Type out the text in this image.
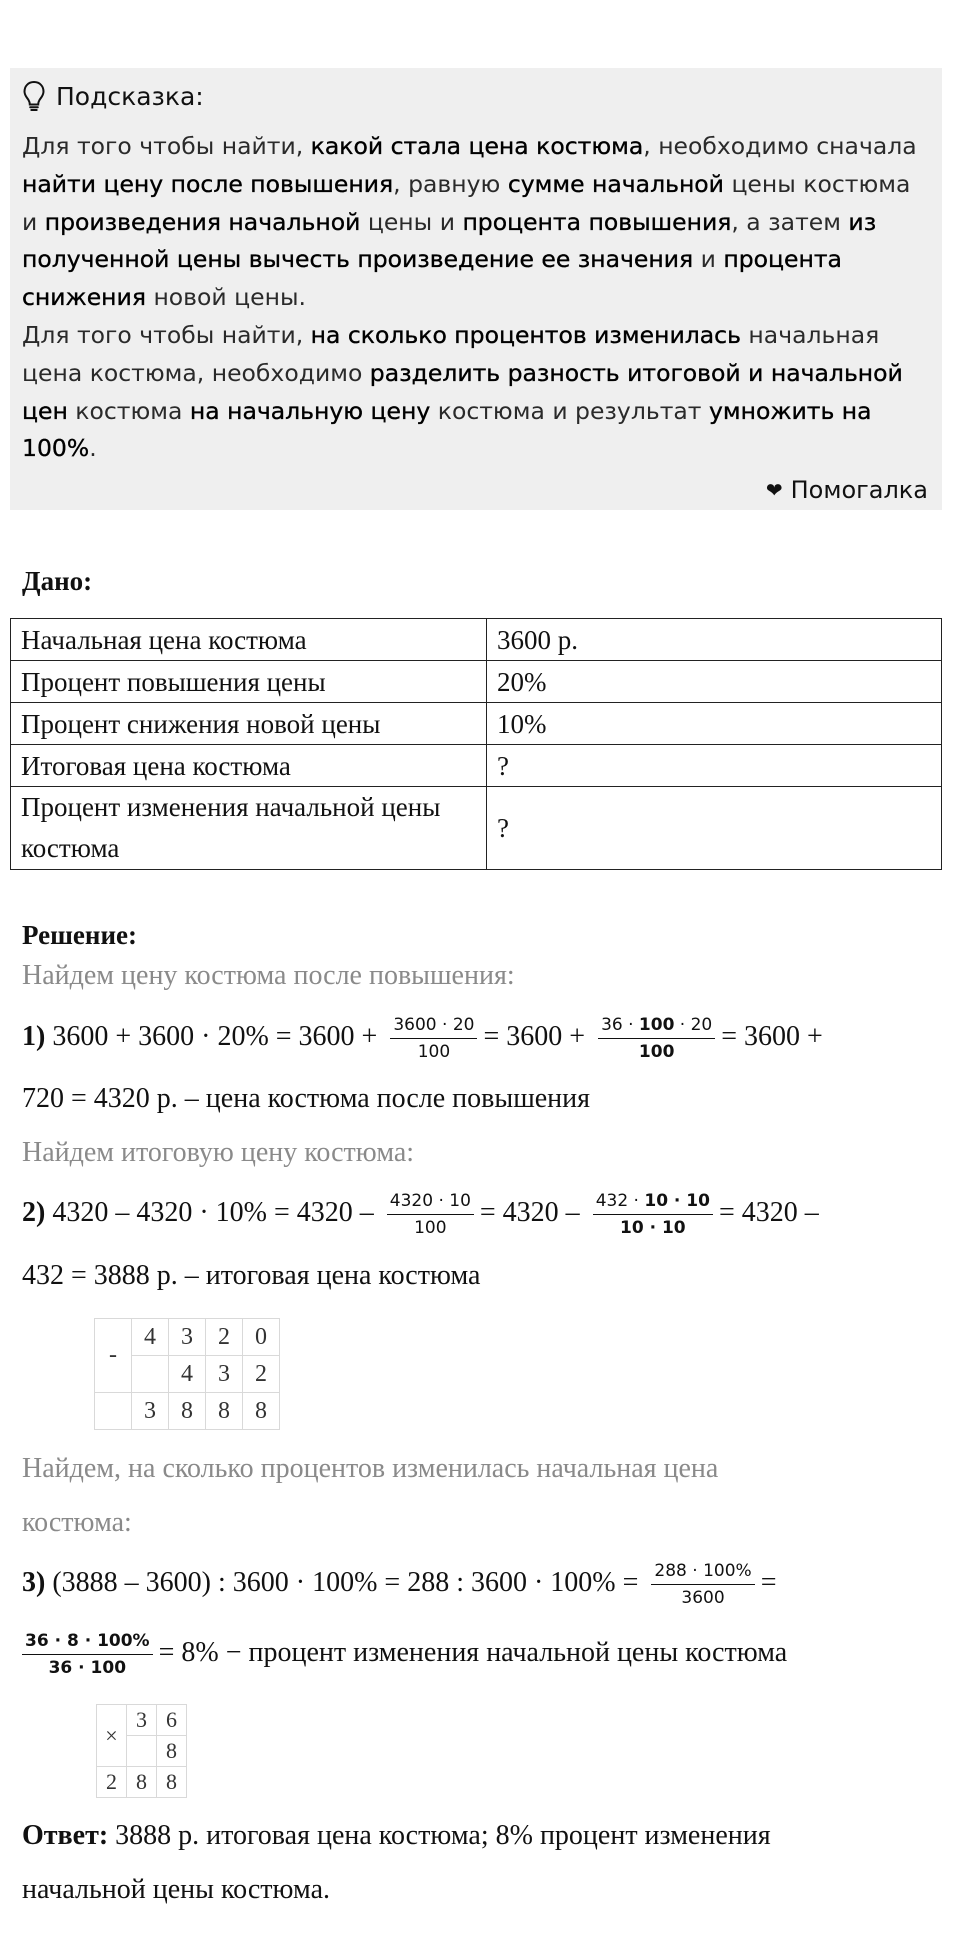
Подсказка:
Для того чтобы найти, какой стала цена костюма, необходимо сначала найти цену после повышения, равную сумме начальной цены костюма и произведения начальной цены и процента повышения, а затем из полученной цены вычесть произведение ее значения и процента снижения новой цены.
Для того чтобы найти, на сколько процентов изменилась начальная цена костюма, необходимо разделить разность итоговой и начальной цен костюма на начальную цену костюма и результат умножить на 100%.
❤ Помогалка
Дано:
Начальная цена костюма	3600 р.
Процент повышения цены	20%
Процент снижения новой цены	10%
Итоговая цена костюма	?
Процент изменения начальной цены костюма	?
Решение:
Найдем цену костюма после повышения:
1) $3600 + 3600 \cdot 20\% = 3600 + \frac{3600 \cdot 20}{100} = 3600 + \frac{36 \cdot 100 \cdot 20}{100} = 3600$ +
720 = 4320 р. – цена костюма после повышения
Найдем итоговую цену костюма:
2) $4320 - 4320 \cdot 10\% = 4320 - \frac{4320 \cdot 10}{100} = 4320 - \frac{432 \cdot 10 \cdot 10}{10 \cdot 10} = 4320$ –
432 = 3888 р. – итоговая цена костюма
-	4	3	2	0
		4	3	2
	3	8	8	8
Найдем, на сколько процентов изменилась начальная цена
костюма:
3) (3888 – 3600) : 3600 · 100% = 288 : $3600 \cdot 100\% = \frac{288 \cdot 100\%}{3600}$ =
$\frac{36 \cdot 8 \cdot 100\%}{36 \cdot 100} = 8\%$ − процент изменения начальной цены костюма
×	3	6
		8
2	8	8
Ответ: 3888 р. итоговая цена костюма; 8% процент изменения
начальной цены костюма.
